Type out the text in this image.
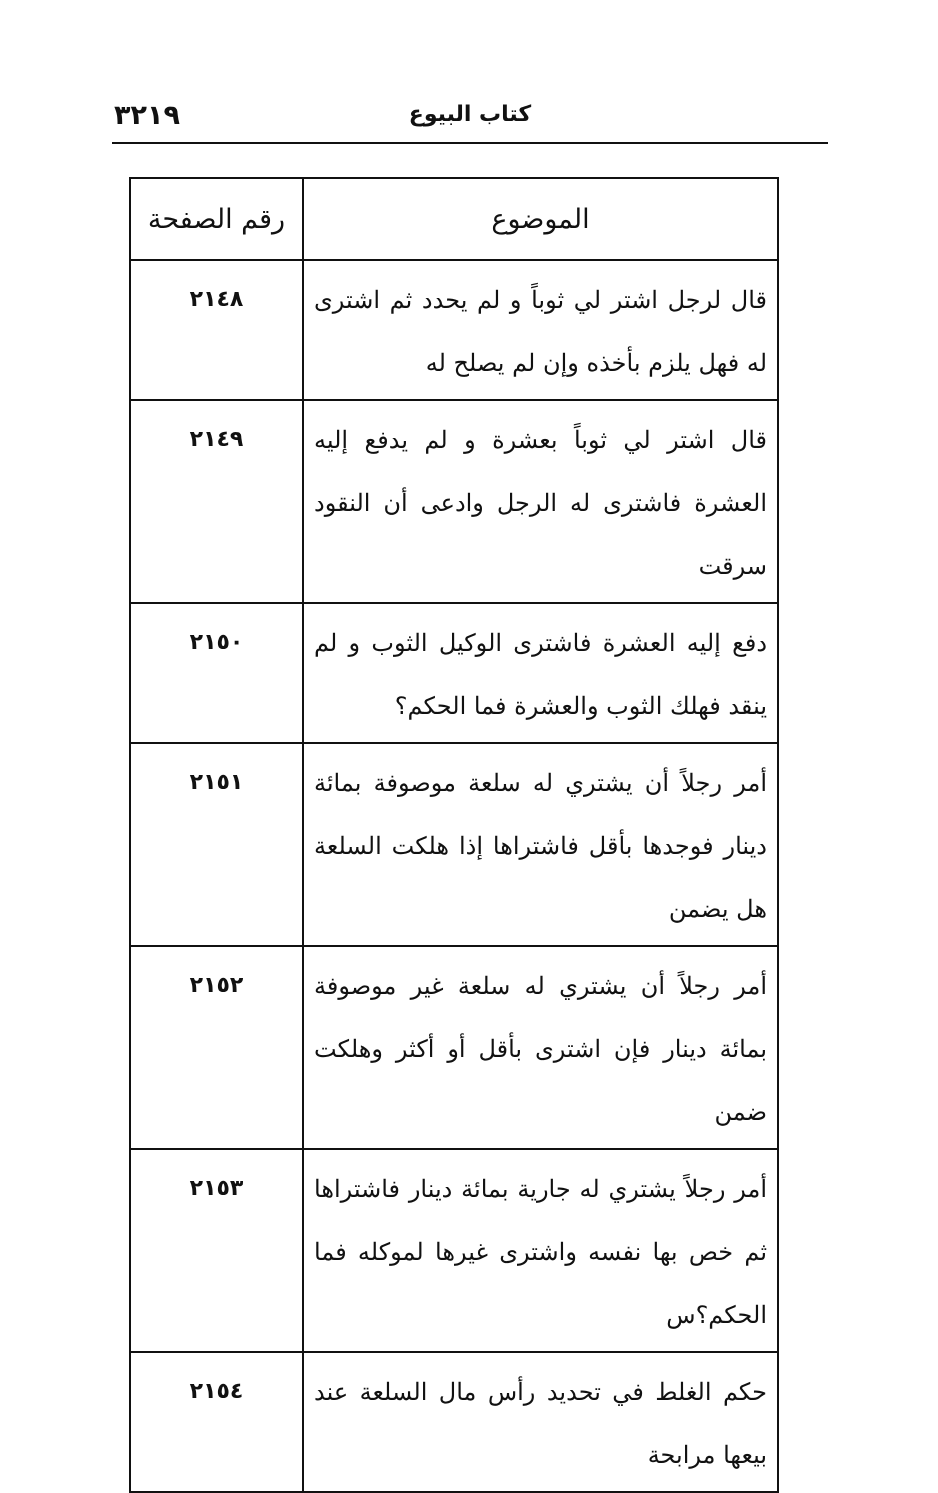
٣٢١٩	كتاب البيوع
الموضوع	رقم الصفحة
قال لرجل اشتر لي ثوباً و لم يحدد ثم اشترى له فهل يلزم بأخذه وإن لم يصلح له	٢١٤٨
قال اشتر لي ثوباً بعشرة و لم يدفع إليه العشرة فاشترى له الرجل وادعى أن النقود سرقت	٢١٤٩
دفع إليه العشرة فاشترى الوكيل الثوب و لم ينقد فهلك الثوب والعشرة فما الحكم؟	٢١٥٠
أمر رجلاً أن يشتري له سلعة موصوفة بمائة دينار فوجدها بأقل فاشتراها إذا هلكت السلعة هل يضمن	٢١٥١
أمر رجلاً أن يشتري له سلعة غير موصوفة بمائة دينار فإن اشترى بأقل أو أكثر وهلكت ضمن	٢١٥٢
أمر رجلاً يشتري له جارية بمائة دينار فاشتراها ثم خص بها نفسه واشترى غيرها لموكله فما الحكم؟س	٢١٥٣
حكم الغلط في تحديد رأس مال السلعة عند بيعها مرابحة	٢١٥٤
